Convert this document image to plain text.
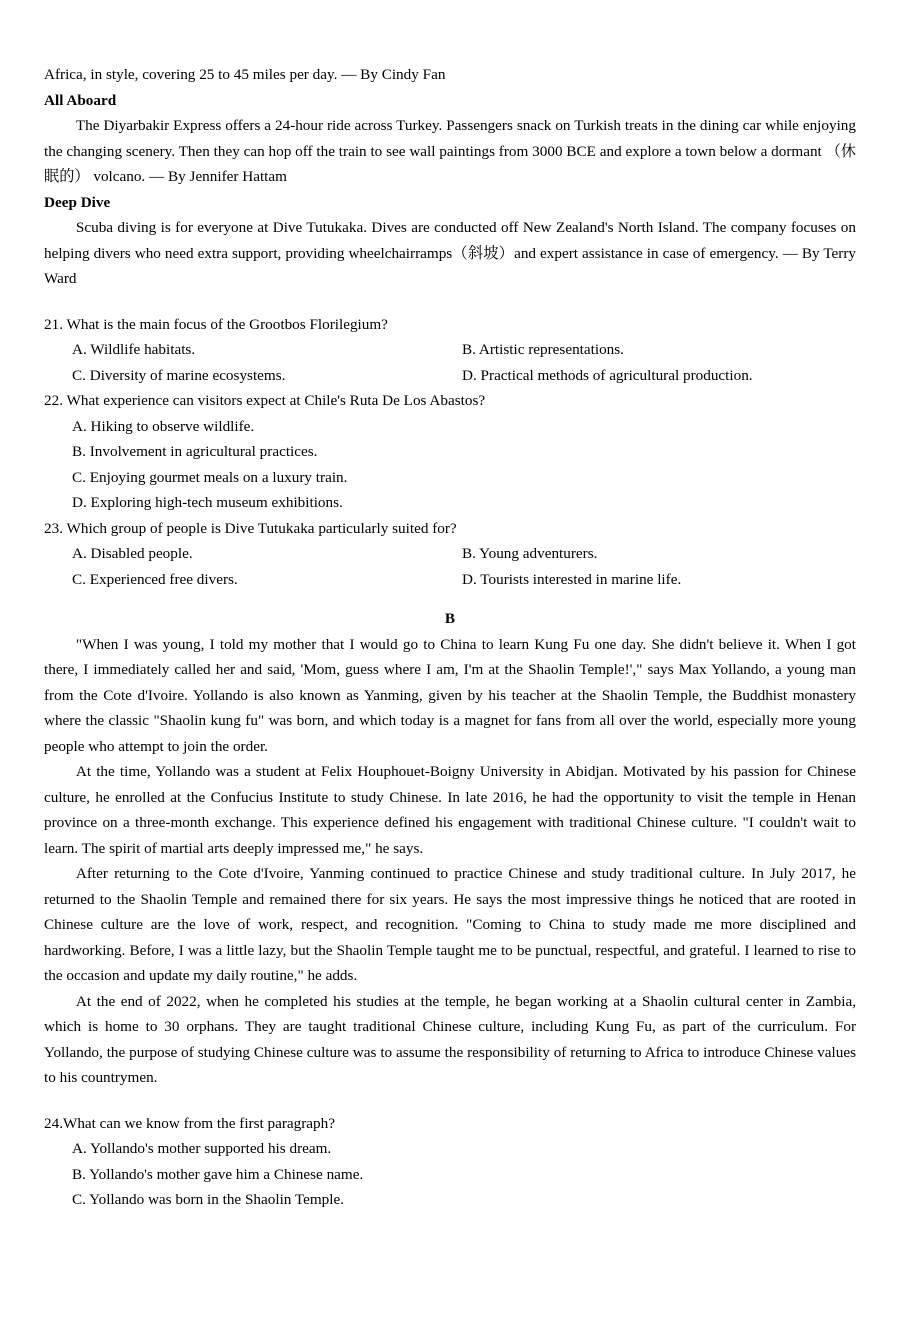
Africa, in style, covering 25 to 45 miles per day. — By Cindy Fan

All Aboard

The Diyarbakir Express offers a 24-hour ride across Turkey. Passengers snack on Turkish treats in the dining car while enjoying the changing scenery. Then they can hop off the train to see wall paintings from 3000 BCE and explore a town below a dormant （休眠的） volcano. — By Jennifer Hattam

Deep Dive

Scuba diving is for everyone at Dive Tutukaka. Dives are conducted off New Zealand's North Island. The company focuses on helping divers who need extra support, providing wheelchairramps（斜坡）and expert assistance in case of emergency. — By Terry Ward

21. What is the main focus of the Grootbos Florilegium?

A. Wildlife habitats.	B. Artistic representations.
C. Diversity of marine ecosystems.	D. Practical methods of agricultural production.

22. What experience can visitors expect at Chile's Ruta De Los Abastos?

A. Hiking to observe wildlife.

B. Involvement in agricultural practices.

C. Enjoying gourmet meals on a luxury train.

D. Exploring high-tech museum exhibitions.

23. Which group of people is Dive Tutukaka particularly suited for?

A. Disabled people.	B. Young adventurers.
C. Experienced free divers.	D. Tourists interested in marine life.

B

"When I was young, I told my mother that I would go to China to learn Kung Fu one day. She didn't believe it. When I got there, I immediately called her and said, 'Mom, guess where I am, I'm at the Shaolin Temple!'," says Max Yollando, a young man from the Cote d'Ivoire. Yollando is also known as Yanming, given by his teacher at the Shaolin Temple, the Buddhist monastery where the classic "Shaolin kung fu" was born, and which today is a magnet for fans from all over the world, especially more young people who attempt to join the order.

At the time, Yollando was a student at Felix Houphouet-Boigny University in Abidjan. Motivated by his passion for Chinese culture, he enrolled at the Confucius Institute to study Chinese. In late 2016, he had the opportunity to visit the temple in Henan province on a three-month exchange. This experience defined his engagement with traditional Chinese culture. "I couldn't wait to learn. The spirit of martial arts deeply impressed me," he says.

After returning to the Cote d'Ivoire, Yanming continued to practice Chinese and study traditional culture. In July 2017, he returned to the Shaolin Temple and remained there for six years. He says the most impressive things he noticed that are rooted in Chinese culture are the love of work, respect, and recognition. "Coming to China to study made me more disciplined and hardworking. Before, I was a little lazy, but the Shaolin Temple taught me to be punctual, respectful, and grateful. I learned to rise to the occasion and update my daily routine," he adds.

At the end of 2022, when he completed his studies at the temple, he began working at a Shaolin cultural center in Zambia, which is home to 30 orphans. They are taught traditional Chinese culture, including Kung Fu, as part of the curriculum. For Yollando, the purpose of studying Chinese culture was to assume the responsibility of returning to Africa to introduce Chinese values to his countrymen.

24.What can we know from the first paragraph?

A. Yollando's mother supported his dream.

B. Yollando's mother gave him a Chinese name.

C. Yollando was born in the Shaolin Temple.
